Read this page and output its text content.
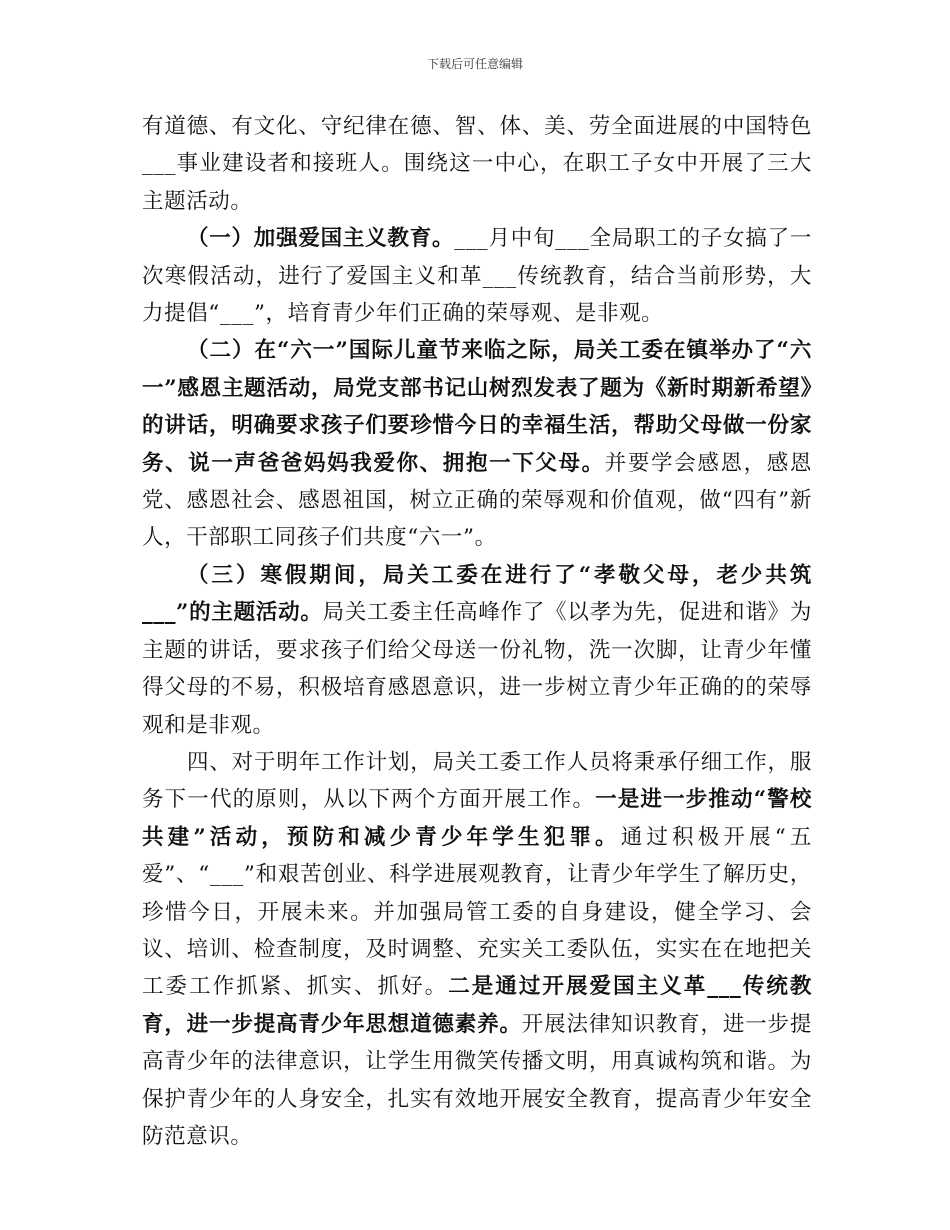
下载后可任意编辑

有道德、有文化、守纪律在德、智、体、美、劳全面进展的中国特色___事业建设者和接班人。围绕这一中心，在职工子女中开展了三大主题活动。

（一）加强爱国主义教育。___月中旬___全局职工的子女搞了一次寒假活动，进行了爱国主义和革___传统教育，结合当前形势，大力提倡“___”，培育青少年们正确的荣辱观、是非观。

（二）在“六一”国际儿童节来临之际，局关工委在镇举办了“六一”感恩主题活动，局党支部书记山树烈发表了题为《新时期新希望》的讲话，明确要求孩子们要珍惜今日的幸福生活，帮助父母做一份家务、说一声爸爸妈妈我爱你、拥抱一下父母。并要学会感恩，感恩党、感恩社会、感恩祖国，树立正确的荣辱观和价值观，做“四有”新人，干部职工同孩子们共度“六一”。

（三）寒假期间，局关工委在进行了“孝敬父母，老少共筑___”的主题活动。局关工委主任高峰作了《以孝为先，促进和谐》为主题的讲话，要求孩子们给父母送一份礼物，洗一次脚，让青少年懂得父母的不易，积极培育感恩意识，进一步树立青少年正确的的荣辱观和是非观。

四、对于明年工作计划，局关工委工作人员将秉承仔细工作，服务下一代的原则，从以下两个方面开展工作。一是进一步推动“警校共建”活动，预防和减少青少年学生犯罪。通过积极开展“五爱”、“___”和艰苦创业、科学进展观教育，让青少年学生了解历史，珍惜今日，开展未来。并加强局管工委的自身建设，健全学习、会议、培训、检查制度，及时调整、充实关工委队伍，实实在在地把关工委工作抓紧、抓实、抓好。二是通过开展爱国主义革___传统教育，进一步提高青少年思想道德素养。开展法律知识教育，进一步提高青少年的法律意识，让学生用微笑传播文明，用真诚构筑和谐。为保护青少年的人身安全，扎实有效地开展安全教育，提高青少年安全防范意识。
